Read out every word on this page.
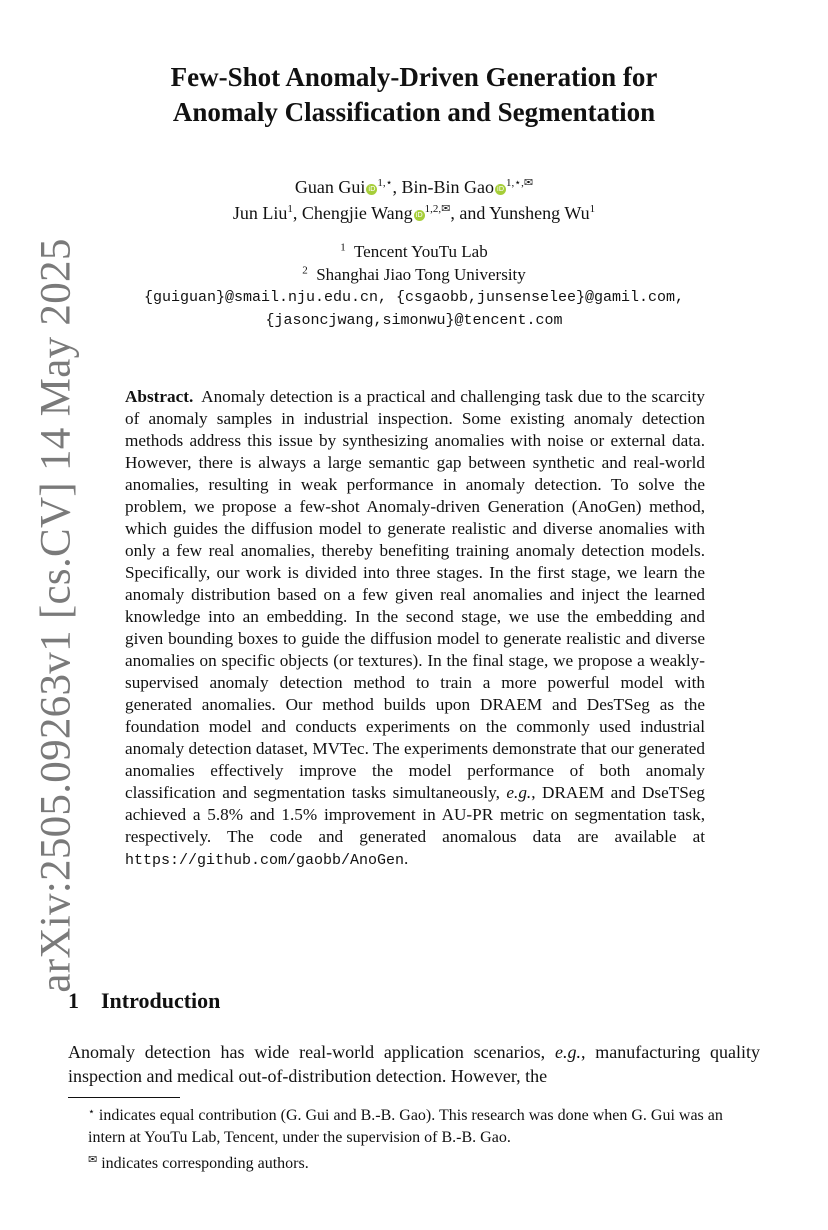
arXiv:2505.09263v1 [cs.CV] 14 May 2025
Few-Shot Anomaly-Driven Generation for
Anomaly Classification and Segmentation
Guan Gui iD $^{1,⋆}$, Bin-Bin Gao iD $^{1,⋆,✉}$
Jun Liu$^1$, Chengjie Wang iD $^{1,2,✉}$, and Yunsheng Wu$^1$
$^1$ Tencent YouTu Lab
$^2$ Shanghai Jiao Tong University
{guiguan}@smail.nju.edu.cn, {csgaobb,junsenselee}@gamil.com,
{jasoncjwang,simonwu}@tencent.com
Abstract. Anomaly detection is a practical and challenging task due to the scarcity of anomaly samples in industrial inspection. Some existing anomaly detection methods address this issue by synthesizing anomalies with noise or external data. However, there is always a large semantic gap between synthetic and real-world anomalies, resulting in weak performance in anomaly detection. To solve the problem, we propose a few-shot Anomaly-driven Generation (AnoGen) method, which guides the diffusion model to generate realistic and diverse anomalies with only a few real anomalies, thereby benefiting training anomaly detection models. Specifically, our work is divided into three stages. In the first stage, we learn the anomaly distribution based on a few given real anomalies and inject the learned knowledge into an embedding. In the second stage, we use the embedding and given bounding boxes to guide the diffusion model to generate realistic and diverse anomalies on specific objects (or textures). In the final stage, we propose a weakly-supervised anomaly detection method to train a more powerful model with generated anomalies. Our method builds upon DRAEM and DesTSeg as the foundation model and conducts experiments on the commonly used industrial anomaly detection dataset, MVTec. The experiments demonstrate that our generated anomalies effectively improve the model performance of both anomaly classification and segmentation tasks simultaneously, e.g., DRAEM and DseTSeg achieved a 5.8% and 1.5% improvement in AU-PR metric on segmentation task, respectively. The code and generated anomalous data are available at https://github.com/gaobb/AnoGen.
1 Introduction
Anomaly detection has wide real-world application scenarios, e.g., manufacturing quality inspection and medical out-of-distribution detection. However, the

⋆ indicates equal contribution (G. Gui and B.-B. Gao). This research was done when G. Gui was an intern at YouTu Lab, Tencent, under the supervision of B.-B. Gao.

✉ indicates corresponding authors.
